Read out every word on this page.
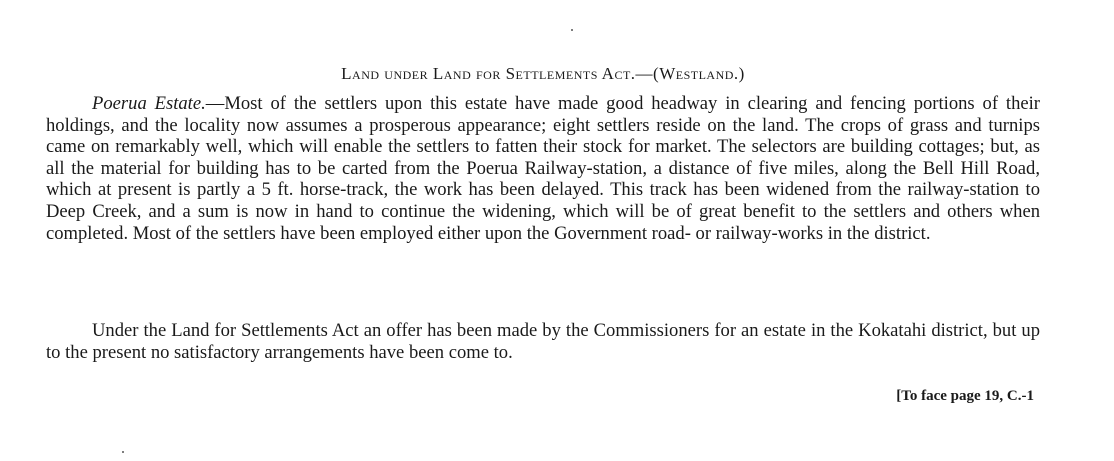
Land under Land for Settlements Act.—(Westland.)

Poerua Estate.—Most of the settlers upon this estate have made good headway in clearing and fencing portions of their holdings, and the locality now assumes a prosperous appearance; eight settlers reside on the land. The crops of grass and turnips came on remarkably well, which will enable the settlers to fatten their stock for market. The selectors are building cottages; but, as all the material for building has to be carted from the Poerua Railway-station, a distance of five miles, along the Bell Hill Road, which at present is partly a 5 ft. horse-track, the work has been delayed. This track has been widened from the railway-station to Deep Creek, and a sum is now in hand to continue the widening, which will be of great benefit to the settlers and others when completed. Most of the settlers have been employed either upon the Government road- or railway-works in the district.

Under the Land for Settlements Act an offer has been made by the Commissioners for an estate in the Kokatahi district, but up to the present no satisfactory arrangements have been come to.

[To face page 19, C.-1
